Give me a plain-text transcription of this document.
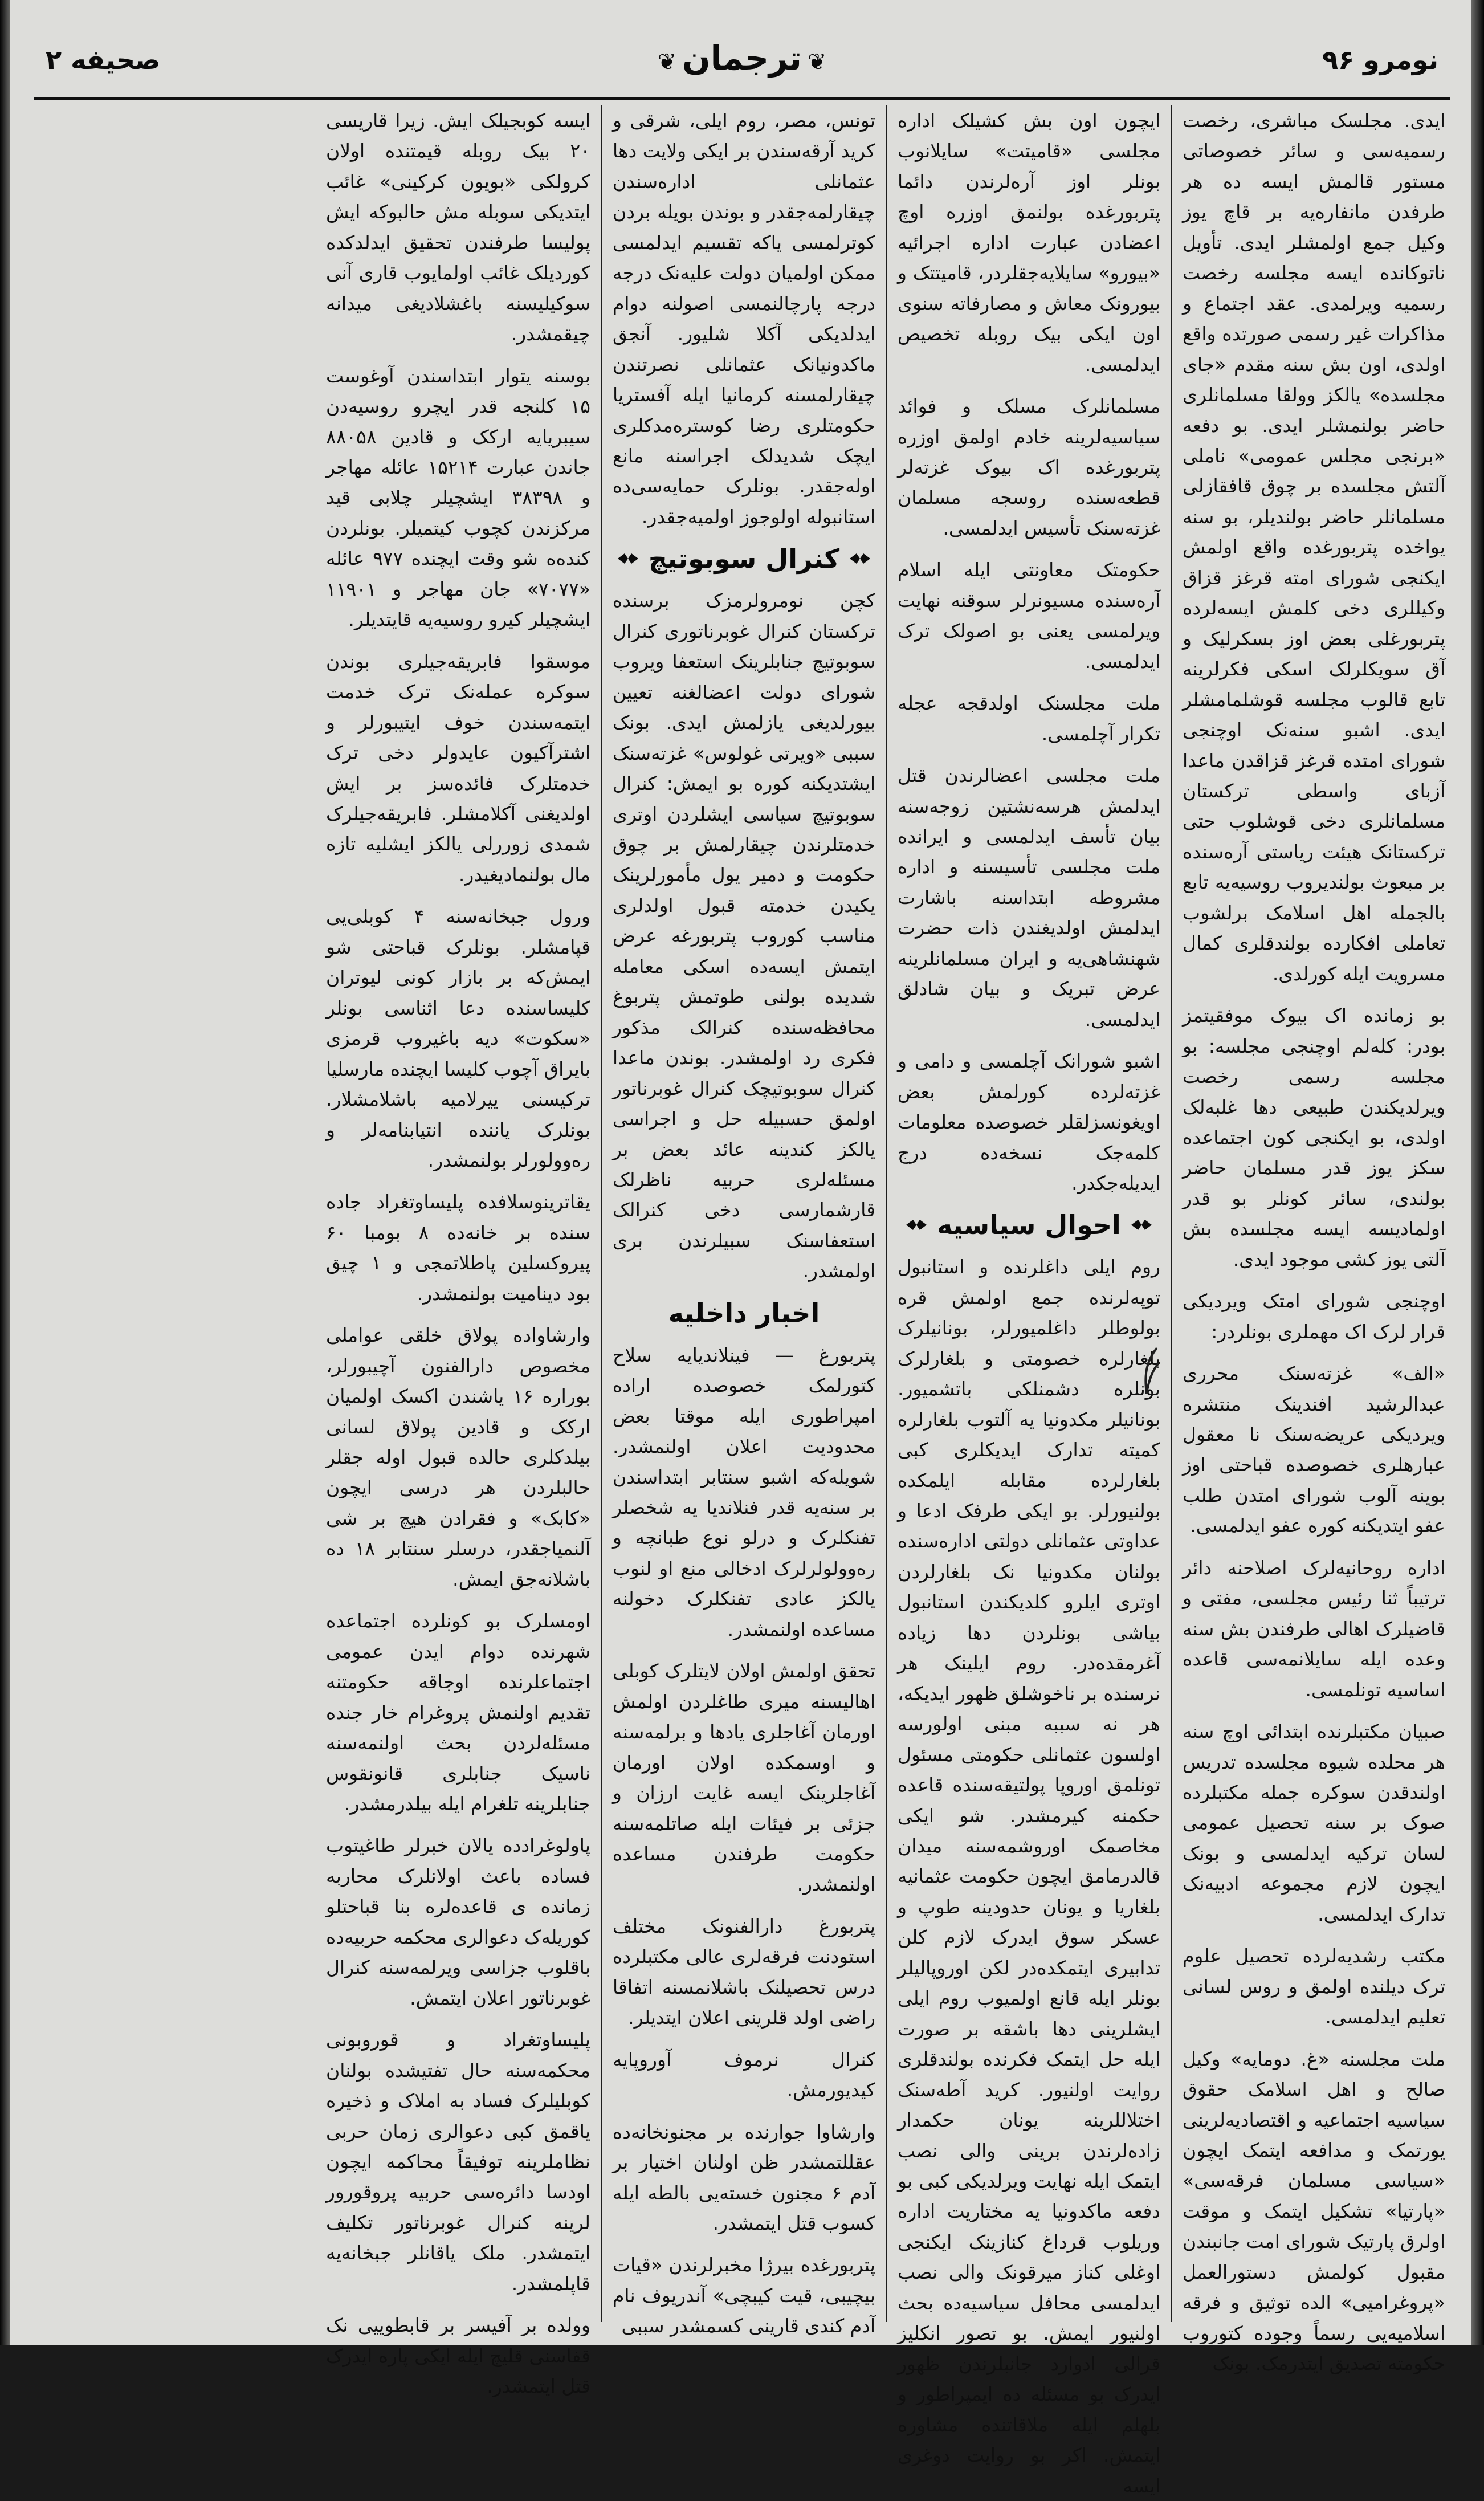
نومرو ۹۶
❦ترجمان❦
صحیفه ۲

ایدی. مجلسک مباشری، رخصت رسمیه‌سی و سائر خصوصاتی مستور قالمش ایسه ده هر طرفدن مانفاره‌یه بر قاچ یوز وکیل جمع اولمشلر ایدی. تأویل ناتوکانده ایسه مجلسه رخصت رسمیه ویرلمدی. عقد اجتماع و مذاکرات غیر رسمی صورتده واقع اولدی، اون بش سنه مقدم «جای مجلسده» یالکز وولقا مسلمانلری حاضر بولنمشلر ایدی. بو دفعه «برنجی مجلس عمومی» ناملی آلتش مجلسده بر چوق قافقازلی مسلمانلر حاضر بولندیلر، بو سنه یواخده پتربورغده واقع اولمش ایکنجی شورای امته قرغز قزاق وکیللری دخی کلمش ایسه‌لرده پتربورغلی بعض اوز بسکرلیک و آق سویکلرلک اسکی فکرلرینه تابع قالوب مجلسه قوشلمامشلر ایدی. اشبو سنه‌نک اوچنجی شورای امتده قرغز قزاقدن ماعدا آزبای واسطی ترکستان مسلمانلری دخی قوشلوب حتی ترکستانک هیئت ریاستی آره‌سنده بر مبعوث بولندیروب روسیه‌یه تابع بالجمله اهل اسلامک برلشوب تعاملی افکارده بولندقلری کمال مسرویت ایله کورلدی.

بو زمانده اک بیوک موفقیتمز بودر: کله‌لم اوچنجی مجلسه: بو مجلسه رسمی رخصت ویرلدیکندن طبیعی دها غلبه‌لک اولدی، بو ایکنجی کون اجتماعده سکز یوز قدر مسلمان حاضر بولندی، سائر کونلر بو قدر اولمادیسه ایسه مجلسده بش آلتی یوز کشی موجود ایدی.

اوچنجی شورای امتک ویردیکی قرار لرک اک مهملری بونلردر:

«الف» غزته‌سنک محرری عبدالرشید افندینک منتشره ویردیکی عریضه‌سنک نا معقول عبارهلری خصوصده قباحتی اوز بوینه آلوب شورای امتدن طلب عفو ایتدیکنه کوره عفو ایدلمسی.

اداره روحانیه‌لرک اصلاحنه دائر ترتیباً ثنا رئیس مجلسی، مفتی و قاضیلرک اهالی طرفندن بش سنه وعده ایله سایلانمه‌سی قاعده اساسیه تونلمسی.

صبیان مکتبلرنده ابتدائی اوچ سنه هر محلده شیوه مجلسده تدریس اولندقدن سوکره جمله مکتبلرده صوک بر سنه تحصیل عمومی لسان ترکیه ایدلمسی و بونک ایچون لازم مجموعه ادبیه‌نک تدارک ایدلمسی.

مکتب رشدیه‌لرده تحصیل علوم ترک دیلنده اولمق و روس لسانی تعلیم ایدلمسی.

ملت مجلسنه «غ. دومایه» وکیل صالح و اهل اسلامک حقوق سیاسیه اجتماعیه و اقتصادیه‌لرینی یورتمک و مدافعه ایتمک ایچون «سیاسی مسلمان فرقه‌سی» «پارتیا» تشکیل ایتمک و موقت اولرق پارتیک شورای امت جانبندن مقبول کولمش دستورالعمل «پروغرامیی» الده توثیق و فرقه اسلامیه‌یی رسماً وجوده کتوروب حکومته تصدیق ایتدرمک. بونک

ایچون اون بش کشیلک اداره مجلسی «قامیتت» سایلانوب بونلر اوز آره‌لرندن دائما پتربورغده بولنمق اوزره اوچ اعضادن عبارت اداره اجرائیه «بیورو» سایلایه‌جقلردر، قامیتتک و بیورونک معاش و مصارفاته سنوی اون ایکی بیک روبله تخصیص ایدلمسی.

مسلمانلرک مسلک و فوائد سیاسیه‌لرینه خادم اولمق اوزره پتربورغده اک بیوک غزته‌لر قطعه‌سنده روسجه مسلمان غزته‌سنک تأسیس ایدلمسی.

حکومتک معاونتی ایله اسلام آره‌سنده مسیونرلر سوقنه نهایت ویرلمسی یعنی بو اصولک ترک ایدلمسی.

ملت مجلسنک اولدقجه عجله تکرار آچلمسی.

ملت مجلسی اعضالرندن قتل ایدلمش هرسه‌نشتین زوجه‌سنه بیان تأسف ایدلمسی و ایرانده ملت مجلسی تأسیسنه و اداره مشروطه ابتداسنه باشارت ایدلمش اولدیغندن ذات حضرت شهنشاهی‌یه و ایران مسلمانلرینه عرض تبریک و بیان شادلق ایدلمسی.

اشبو شورانک آچلمسی و دامی و غزته‌لرده کورلمش بعض اویغونسزلقلر خصوصده معلومات کلمه‌جک نسخه‌ده درج ایدیله‌جکدر.

احوال سیاسیه

روم ایلی داغلرنده و استانبول توپه‌لرنده جمع اولمش قره بولوطلر داغلمیورلر، بونانیلرک بلغارلره خصومتی و بلغارلرک بونلره دشمنلکی باتشمیور. بونانیلر مکدونیا یه آلتوب بلغارلره کمیته تدارک ایدیکلری کبی بلغارلرده مقابله ایلمکده بولنیورلر. بو ایکی طرفک ادعا و عداوتی عثمانلی دولتی اداره‌سنده بولنان مکدونیا نک بلغارلردن اوتری ایلرو کلدیکندن استانبول بیاشی بونلردن دها زیاده آغرمقده‌در. روم ایلینک هر نرسنده بر ناخوشلق ظهور ایدیکه، هر نه سببه مبنی اولورسه اولسون عثمانلی حکومتی مسئول تونلمق اوروپا پولتیقه‌سنده قاعده حکمنه کیرمشدر. شو ایکی مخاصمک اوروشمه‌سنه میدان قالدرمامق ایچون حکومت عثمانیه بلغاریا و یونان حدودینه طوپ و عسکر سوق ایدرک لازم کلن تدابیری ایتمکده‌در لکن اوروپالیلر بونلر ایله قانع اولمیوب روم ایلی ایشلرینی دها باشقه بر صورت ایله حل ایتمک فکرنده بولندقلری روایت اولنیور. کرید آطه‌سنک اختلاللرینه یونان حکمدار زاده‌لرندن برینی والی نصب ایتمک ایله نهایت ویرلدیکی کبی بو دفعه ماکدونیا یه مختاریت اداره وریلوب قرداغ کنازینک ایکنجی اوغلی کناز میرقونک والی نصب ایدلمسی محافل سیاسیه‌ده بحث اولنیور ایمش. بو تصور انکلیز قرالی ادوارد جانبلرندن ظهور ایدرک بو مسئله ده ایمپراطور و بلهلم ایله ملاقاتنده مشاوره ایتمش. اکر بو روایت دوغری ایسه

تونس، مصر، روم ایلی، شرقی و کرید آرقه‌سندن بر ایکی ولایت دها عثمانلی اداره‌سندن چیقارلمه‌جقدر و بوندن بویله بردن کوترلمسی یاکه تقسیم ایدلمسی ممکن اولمیان دولت علیه‌نک درجه درجه پارچالنمسی اصولنه دوام ایدلدیکی آکلا شلیور. آنجق ماکدونیانک عثمانلی نصرتندن چیقارلمسنه کرمانیا ایله آفستریا حکومتلری رضا کوستره‌مدکلری ایچک شدیدلک اجراسنه مانع اوله‌جقدر. بونلرک حمایه‌سی‌ده استانبوله اولوجوز اولمیه‌جقدر.

کنرال سوبوتیچ

کچن نومرولرمزک برسنده ترکستان کنرال غوبرناتوری کنرال سوبوتیچ جنابلرینک استعفا ویروب شورای دولت اعضالغنه تعیین بیورلدیغی یازلمش ایدی. بونک سببی «ویرتی غولوس» غزته‌سنک ایشتدیکنه کوره بو ایمش: کنرال سوبوتیچ سیاسی ایشلردن اوتری خدمتلرندن چیقارلمش بر چوق حکومت و دمیر یول مأمورلرینک یکیدن خدمته قبول اولدلری مناسب کوروب پتربورغه عرض ایتمش ایسه‌ده اسکی معامله شدیده بولنی طوتمش پتربوغ محافظه‌سنده کنرالک مذکور فکری رد اولمشدر. بوندن ماعدا کنرال سوبوتیچک کنرال غوبرناتور اولمق حسبیله حل و اجراسی یالکز کندینه عائد بعض بر مسئله‌لری حربیه ناظرلک قارشمارسی دخی کنرالک استعفاسنک سبیلرندن بری اولمشدر.

اخبار داخلیه

پتربورغ — فینلاندیایه سلاح کتورلمک خصوصده اراده امپراطوری ایله موقتا بعض محدودیت اعلان اولنمشدر. شویله‌که اشبو سنتابر ابتداسندن بر سنه‌یه قدر فنلاندیا یه شخصلر تفنکلرک و درلو نوع طبانچه و رەوولولرلرک ادخالی منع او لنوب یالکز عادی تفنکلرک دخولنه مساعده اولنمشدر.

تحقق اولمش اولان لایتلرک کوبلی اهالیسنه میری طاغلردن اولمش اورمان آغاجلری یادها و برلمه‌سنه و اوسمکده اولان اورمان آغاجلرینک ایسه غایت ارزان و جزئی بر فیئات ایله صاتلمه‌سنه حکومت طرفندن مساعده اولنمشدر.

پتربورغ دارالفنونک مختلف استودنت فرقه‌لری عالی مکتبلرده درس تحصیلنک باشلانمسنه اتفاقا راضی اولد قلرینی اعلان ایتدیلر.

کنرال نرموف آوروپایه کیدیورمش.

وارشاوا جوارنده بر مجنونخانه‌ده عقللتمشدر ظن اولنان اختیار بر آدم ۶ مجنون خسته‌یی بالطه ایله کسوب قتل ایتمشدر.

پتربورغده بیرژا مخبرلرندن «قیات بیچیبی، قیت کیبچی» آندریوف نام آدم کندی قارینی کسمشدر سببی

ایسه کوبجیلک ایش. زیرا قاریسی ۲۰ بیک روبله قیمتنده اولان کرولکی «بویون کرکینی» غائب ایتدیکی سوبله مش حالبوکه ایش پولیسا طرفندن تحقیق ایدلدکده کوردیلک غائب اولمایوب قاری آنی سوکیلیسنه باغشلادیغی میدانه چیقمشدر.

بوسنه یتوار ابتداسندن آوغوست ۱۵ کلنجه قدر ایچرو روسیه‌دن سیبریایه ارکک و قادین ۸۸۰۵۸ جاندن عبارت ۱۵۲۱۴ عائله مهاجر و ۳۸۳۹۸ ایشچیلر چلابی قید مرکزندن کچوب کیتمیلر. بونلردن کنده‌ه شو وقت ایچنده ۹۷۷ عائله «۷۰۷۷» جان مهاجر و ۱۱۹۰۱ ایشچیلر کیرو روسیه‌یه قایتدیلر.

موسقوا فابریقه‌جیلری بوندن سوکره عمله‌نک ترک خدمت ایتمه‌سندن خوف ایتیبورلر و اشترآکیون عایدولر دخی ترک خدمتلرک فائده‌سز بر ایش اولدیغنی آکلامشلر. فابریقه‌جیلرک شمدی زوررلی یالکز ایشلیه تازه مال بولنمادیغیدر.

ورول جبخانه‌سنه ۴ کوبلی‌یی قپامشلر. بونلرک قباحتی شو ایمش‌که بر بازار کونی لیوتران کلیساسنده دعا اثناسی بونلر «سکوت» دیه باغیروب قرمزی بایراق آچوب کلیسا ایچنده مارسلیا ترکیسنی ییرلامیه باشلامشلار. بونلرک یاننده انتیابنامه‌لر و رەوولورلر بولنمشدر.

یقاترینوسلافده پلیساوتغراد جاده سنده بر خانه‌ده ۸ بومبا ۶۰ پیروکسلین پاطلاتمجی و ۱ چیق بود دینامیت بولنمشدر.

وارشاوادە پولاق خلقی عواملی مخصوص دارالفنون آچیبورلر، بوراره ۱۶ یاشندن اکسک اولمیان ارکک و قادین پولاق لسانی بیلدکلری حالده قبول اوله جقلر حالبلردن هر درسی ایچون «کابک» و فقرادن هیچ بر شی آلنمیاجقدر، درسلر سنتابر ۱۸ ده باشلانه‌جق ایمش.

اومسلرک بو کونلرده اجتماعده شهرنده دوام ایدن عمومی اجتماعلرنده اوجاقه حکومتنه تقدیم اولنمش پروغرام خار جنده مسئله‌لردن بحث اولنمه‌سنه ناسیک جنابلری قانونقوس جنابلرینه تلغرام ایله بیلدرمشدر.

پاولوغرادده یالان خبرلر طاغیتوب فساده باعث اولانلرک محاربه زمانده ی قاعده‌لره بنا قباحتلو کوریله‌ک دعوالری محکمه حربیه‌ده باقلوب جزاسی ویرلمه‌سنه کنرال غوبرناتور اعلان ایتمش.

پلیساوتغراد و قوروبونی محکمه‌سنه حال تفتیشده بولنان کوبلیلرک فساد به املاک و ذخیره یاقمق کبی دعوالری زمان حربی نظاملرینه توفیقاً محاکمه ایچون اودسا دائره‌سی حربیه پروقورور لرینه کنرال غوبرناتور تکلیف ایتمشدر. ملک یاقانلر جبخانه‌یه قاپلمشدر.

وولده بر آفیسر بر قابطوییی نک قفاسنی قلیچ ایله ایکی پاره ایدرک قتل ایتمشدر.
